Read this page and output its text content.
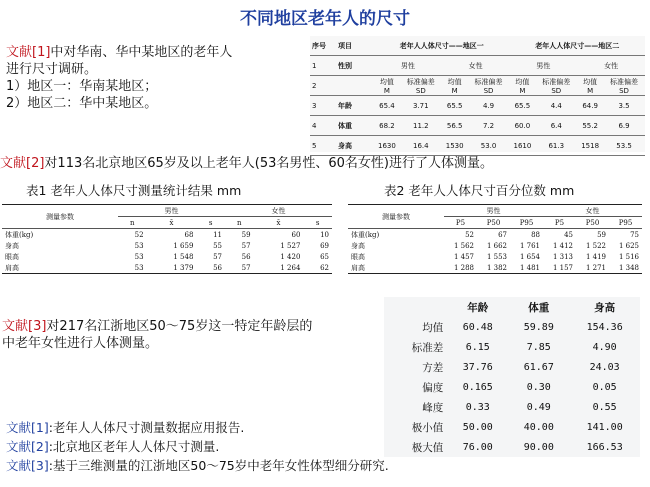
不同地区老年人的尺寸
文献[1]中对华南、华中某地区的老年人
进行尺寸调研。
1）地区一：华南某地区；
2）地区二：华中某地区。
序号	项目	老年人人体尺寸——地区一				老年人人体尺寸——地区二			
1	性别	男性		女性		男性		女性	
2		均值 M	标准偏差 SD	均值 M	标准偏差 SD	均值 M	标准偏差 SD	均值 M	标准偏差 SD
3	年龄	65.4	3.71	65.5	4.9	65.5	4.4	64.9	3.5
4	体重	68.2	11.2	56.5	7.2	60.0	6.4	55.2	6.9
5	身高	1630	16.4	1530	53.0	1610	61.3	1518	53.5
文献[2]对113名北京地区65岁及以上老年人(53名男性、60名女性)进行了人体测量。
表1 老年人人体尺寸测量统计结果 mm	表2 老年人人体尺寸百分位数 mm
测量参数	男性			女性		
	n	x̄	s	n	x̄	s
体重(kg)	52	68	11	59	60	10
身高	53	1 659	55	57	1 527	69
眼高	53	1 548	57	56	1 420	65
肩高	53	1 379	56	57	1 264	62
测量参数	男性			女性		
	P5	P50	P95	P5	P50	P95
体重(kg)	52	67	88	45	59	75
身高	1 562	1 662	1 761	1 412	1 522	1 625
眼高	1 457	1 553	1 654	1 313	1 419	1 516
肩高	1 288	1 382	1 481	1 157	1 271	1 348
文献[3]对217名江浙地区50～75岁这一特定年龄层的
中老年女性进行人体测量。
	年龄	体重	身高
均值	60.48	59.89	154.36
标准差	6.15	7.85	4.90
方差	37.76	61.67	24.03
偏度	0.165	0.30	0.05
峰度	0.33	0.49	0.55
极小值	50.00	40.00	141.00
极大值	76.00	90.00	166.53
文献[1]:老年人人体尺寸测量数据应用报告.
文献[2]:北京地区老年人人体尺寸测量.
文献[3]:基于三维测量的江浙地区50～75岁中老年女性体型细分研究.
